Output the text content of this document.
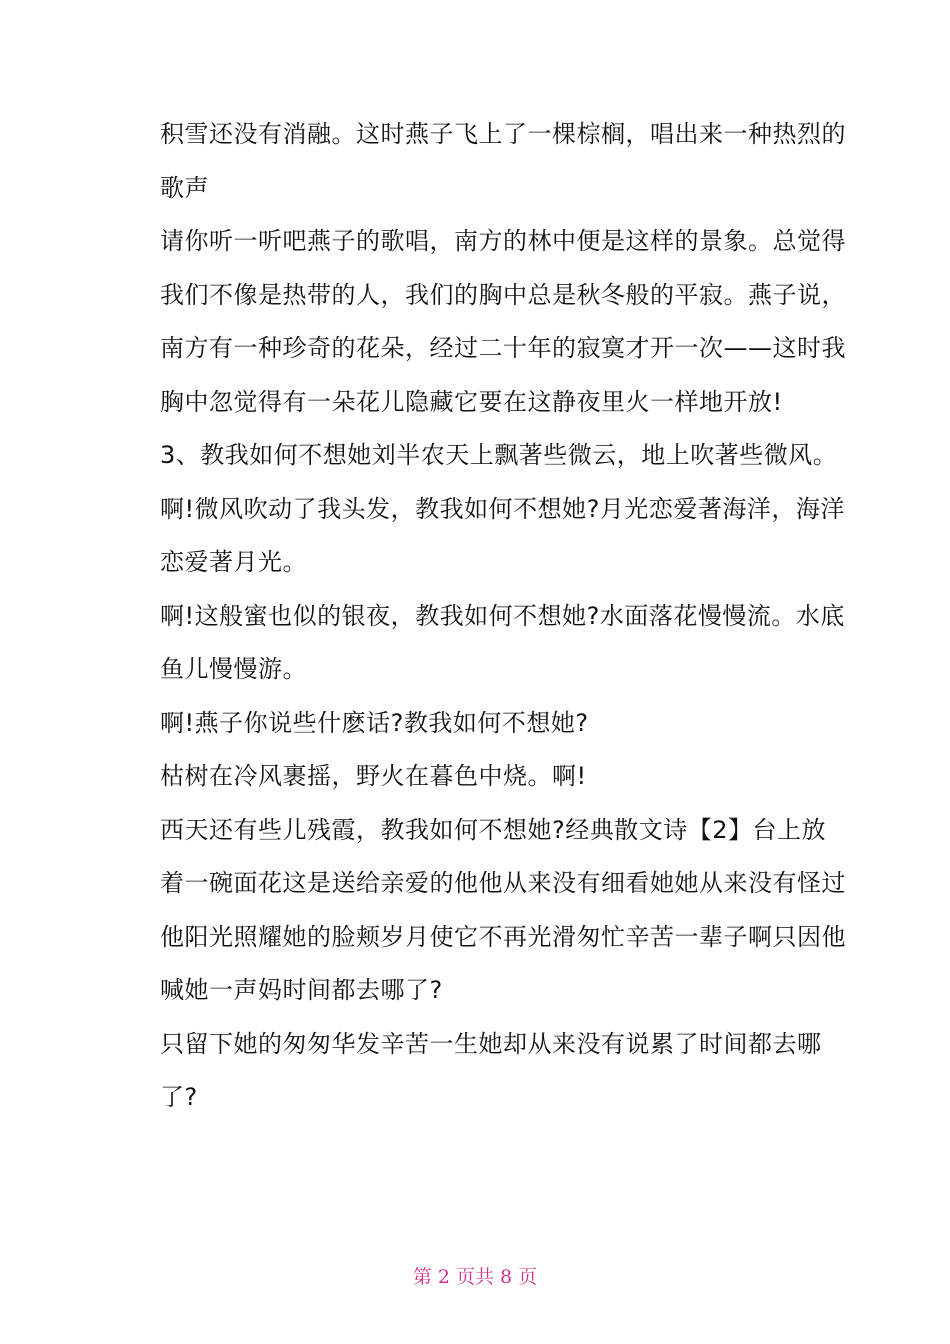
积雪还没有消融。这时燕子飞上了一棵棕榈，唱出来一种热烈的歌声

请你听一听吧燕子的歌唱，南方的林中便是这样的景象。总觉得我们不像是热带的人，我们的胸中总是秋冬般的平寂。燕子说，南方有一种珍奇的花朵，经过二十年的寂寞才开一次——这时我胸中忽觉得有一朵花儿隐藏它要在这静夜里火一样地开放!

3、教我如何不想她刘半农天上飘著些微云，地上吹著些微风。

啊!微风吹动了我头发，教我如何不想她?月光恋爱著海洋，海洋恋爱著月光。

啊!这般蜜也似的银夜，教我如何不想她?水面落花慢慢流。水底鱼儿慢慢游。

啊!燕子你说些什麽话?教我如何不想她?

枯树在冷风裹摇，野火在暮色中烧。啊!

西天还有些儿残霞，教我如何不想她?经典散文诗【2】台上放着一碗面花这是送给亲爱的他他从来没有细看她她从来没有怪过他阳光照耀她的脸颊岁月使它不再光滑匆忙辛苦一辈子啊只因他喊她一声妈时间都去哪了?

只留下她的匆匆华发辛苦一生她却从来没有说累了时间都去哪了?

第 2 页共 8 页
